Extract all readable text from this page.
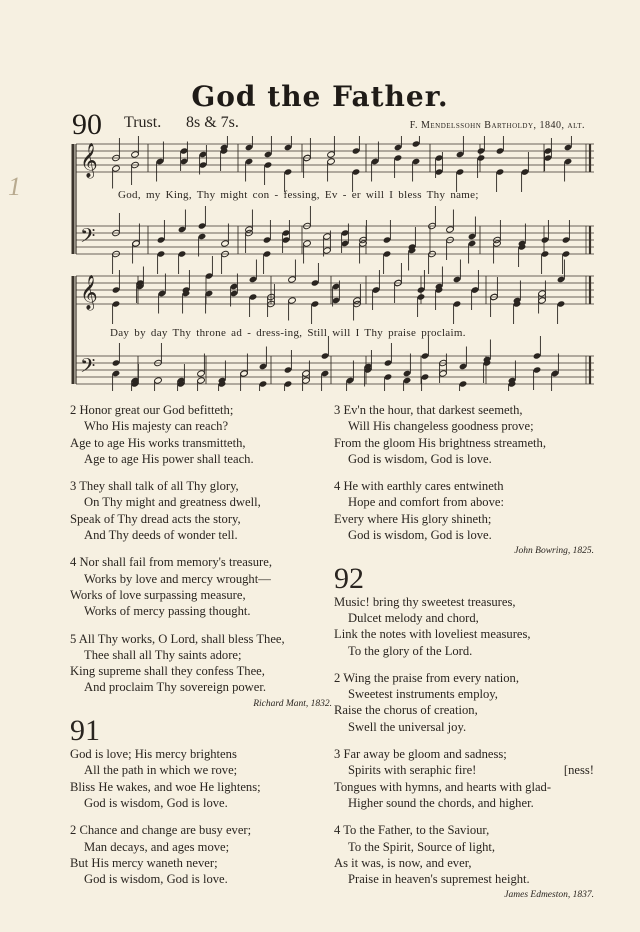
God the Father.
1
90 Trust. 8s & 7s.	F. Mendelssohn Bartholdy, 1840, alt.
𝄞
𝄢
𝄞
𝄢
God, my King, Thy might con - fessing, Ev - er will I bless Thy name;
Day by day Thy throne ad - dress-ing, Still will I Thy praise proclaim.
2 Honor great our God befitteth;
Who His majesty can reach?
Age to age His works transmitteth,
Age to age His power shall teach.
3 They shall talk of all Thy glory,
On Thy might and greatness dwell,
Speak of Thy dread acts the story,
And Thy deeds of wonder tell.
4 Nor shall fail from memory's treasure,
Works by love and mercy wrought—
Works of love surpassing measure,
Works of mercy passing thought.
5 All Thy works, O Lord, shall bless Thee,
Thee shall all Thy saints adore;
King supreme shall they confess Thee,
And proclaim Thy sovereign power.
Richard Mant, 1832.
91
God is love; His mercy brightens
All the path in which we rove;
Bliss He wakes, and woe He lightens;
God is wisdom, God is love.
2 Chance and change are busy ever;
Man decays, and ages move;
But His mercy waneth never;
God is wisdom, God is love.
3 Ev'n the hour, that darkest seemeth,
Will His changeless goodness prove;
From the gloom His brightness streameth,
God is wisdom, God is love.
4 He with earthly cares entwineth
Hope and comfort from above:
Every where His glory shineth;
God is wisdom, God is love.
John Bowring, 1825.
92
Music! bring thy sweetest treasures,
Dulcet melody and chord,
Link the notes with loveliest measures,
To the glory of the Lord.
2 Wing the praise from every nation,
Sweetest instruments employ,
Raise the chorus of creation,
Swell the universal joy.
3 Far away be gloom and sadness;
Spirits with seraphic fire!	[ness!
Tongues with hymns, and hearts with glad-
Higher sound the chords, and higher.
4 To the Father, to the Saviour,
To the Spirit, Source of light,
As it was, is now, and ever,
Praise in heaven's supremest height.
James Edmeston, 1837.
